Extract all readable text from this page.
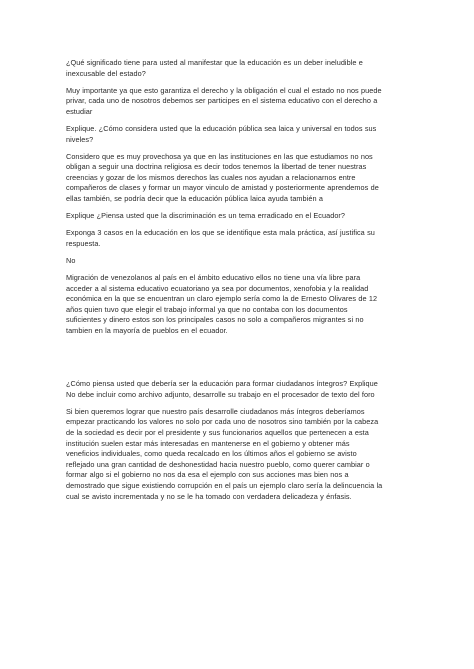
¿Qué significado tiene para usted al manifestar que la educación es un deber ineludible e
inexcusable del estado?

Muy importante ya que esto garantiza el derecho y la obligación el cual el estado no nos puede
privar, cada uno de nosotros debemos ser participes en el sistema educativo con el derecho a
estudiar

Explique. ¿Cómo considera usted que la educación pública sea laica y universal en todos sus
niveles?

Considero que es muy provechosa ya que en las instituciones en las que estudiamos no nos
obligan a seguir una doctrina religiosa es decir todos tenemos la libertad de tener nuestras
creencias y gozar de los mismos derechos las cuales nos ayudan a relacionarnos entre
compañeros de clases y formar un mayor vinculo de amistad y posteriormente aprendemos de
ellas también, se podría decir que la educación pública laica ayuda también a

Explique ¿Piensa usted que la discriminación es un tema erradicado en el Ecuador?

Exponga 3 casos en la educación en los que se identifique esta mala práctica, así justifica su
respuesta.

No

Migración de venezolanos al país en el ámbito educativo ellos no tiene una vía libre para
acceder a al sistema educativo ecuatoriano ya sea por documentos, xenofobia y la realidad
económica en la que se encuentran un claro ejemplo sería como la de Ernesto Olivares de 12
años quien tuvo que elegir el trabajo informal ya que no contaba con los documentos
suficientes y dinero estos son los principales casos no solo a compañeros migrantes si no
tambien en la mayoría de pueblos en el ecuador.

¿Cómo piensa usted que debería ser la educación para formar ciudadanos íntegros? Explique
No debe incluir como archivo adjunto, desarrolle su trabajo en el procesador de texto del foro

Si bien queremos lograr que nuestro país desarrolle ciudadanos más íntegros deberíamos
empezar practicando los valores no solo por cada uno de nosotros sino también por la cabeza
de la sociedad es decir por el presidente y sus funcionarios aquellos que pertenecen a esta
institución suelen estar más interesadas en mantenerse en el gobierno y obtener más
veneficios individuales, como queda recalcado en los últimos años el gobierno se avisto
reflejado una gran cantidad de deshonestidad hacia nuestro pueblo, como querer cambiar o
formar algo si el gobierno no nos da esa el ejemplo con sus acciones mas bien nos a
demostrado que sigue existiendo corrupción en el país un ejemplo claro sería la delincuencia la
cual se avisto incrementada y no se le ha tomado con verdadera delicadeza y énfasis.
